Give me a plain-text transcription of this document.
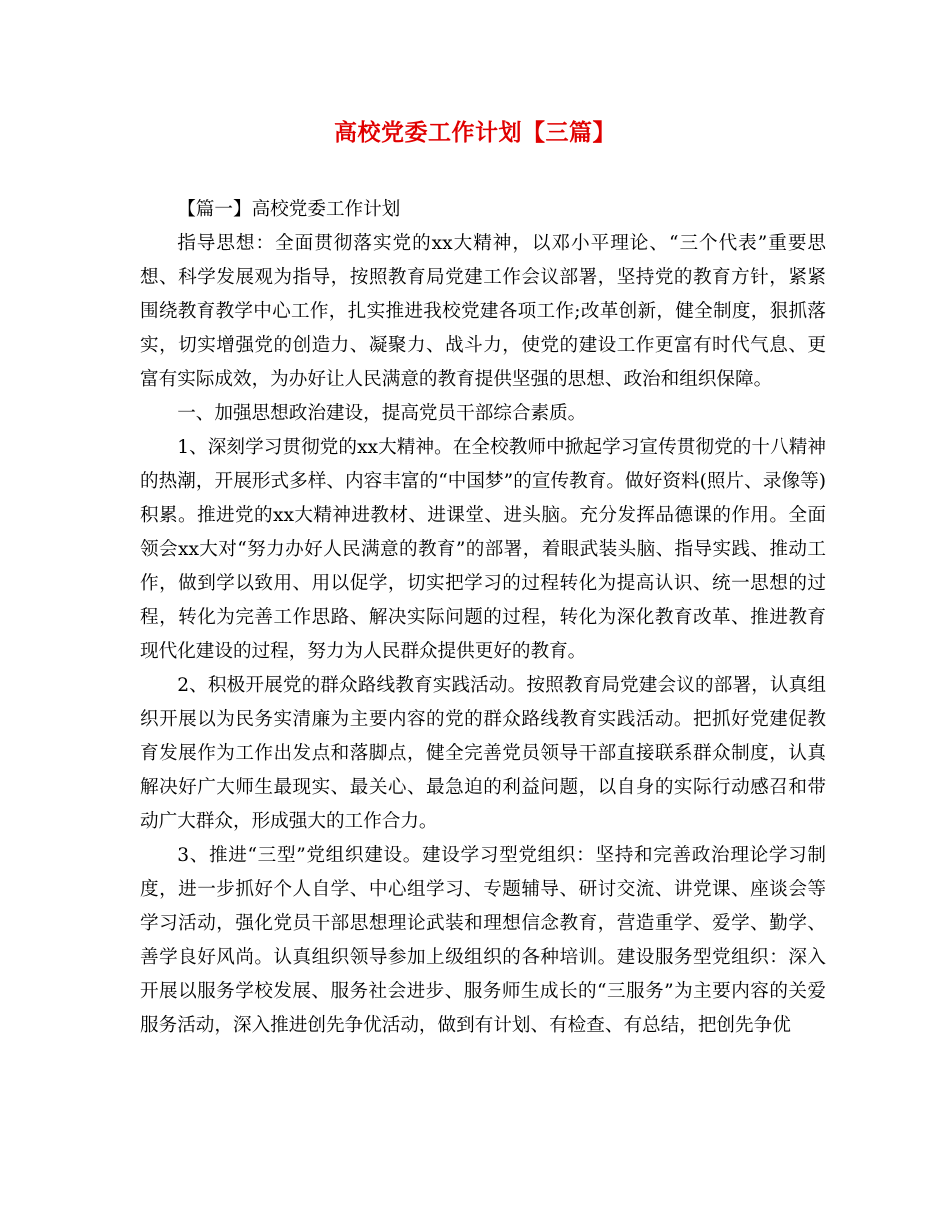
高校党委工作计划【三篇】

【篇一】高校党委工作计划

指导思想：全面贯彻落实党的xx大精神，以邓小平理论、“三个代表”重要思想、科学发展观为指导，按照教育局党建工作会议部署，坚持党的教育方针，紧紧围绕教育教学中心工作，扎实推进我校党建各项工作;改革创新，健全制度，狠抓落实，切实增强党的创造力、凝聚力、战斗力，使党的建设工作更富有时代气息、更富有实际成效，为办好让人民满意的教育提供坚强的思想、政治和组织保障。

一、加强思想政治建设，提高党员干部综合素质。

1、深刻学习贯彻党的xx大精神。在全校教师中掀起学习宣传贯彻党的十八精神的热潮，开展形式多样、内容丰富的“中国梦”的宣传教育。做好资料(照片、录像等)积累。推进党的xx大精神进教材、进课堂、进头脑。充分发挥品德课的作用。全面领会xx大对“努力办好人民满意的教育”的部署，着眼武装头脑、指导实践、推动工作，做到学以致用、用以促学，切实把学习的过程转化为提高认识、统一思想的过程，转化为完善工作思路、解决实际问题的过程，转化为深化教育改革、推进教育现代化建设的过程，努力为人民群众提供更好的教育。

2、积极开展党的群众路线教育实践活动。按照教育局党建会议的部署，认真组织开展以为民务实清廉为主要内容的党的群众路线教育实践活动。把抓好党建促教育发展作为工作出发点和落脚点，健全完善党员领导干部直接联系群众制度，认真解决好广大师生最现实、最关心、最急迫的利益问题，以自身的实际行动感召和带动广大群众，形成强大的工作合力。

3、推进“三型”党组织建设。建设学习型党组织：坚持和完善政治理论学习制度，进一步抓好个人自学、中心组学习、专题辅导、研讨交流、讲党课、座谈会等学习活动，强化党员干部思想理论武装和理想信念教育，营造重学、爱学、勤学、善学良好风尚。认真组织领导参加上级组织的各种培训。建设服务型党组织：深入开展以服务学校发展、服务社会进步、服务师生成长的“三服务”为主要内容的关爱服务活动，深入推进创先争优活动，做到有计划、有检查、有总结，把创先争优
